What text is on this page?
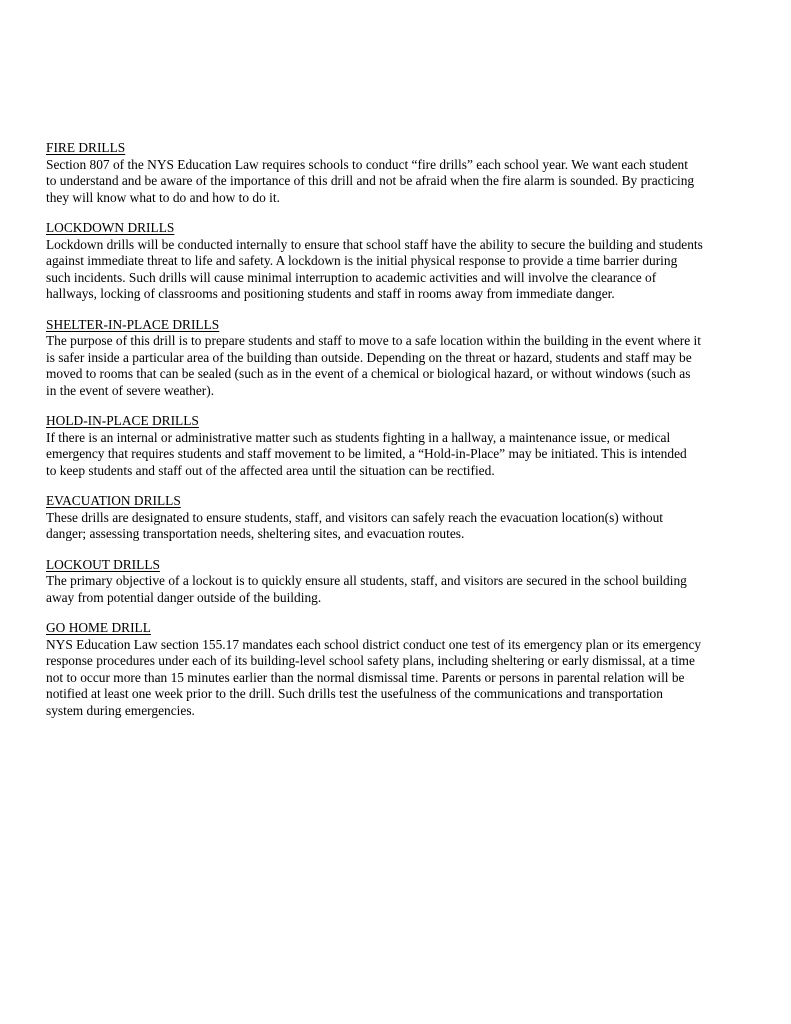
FIRE DRILLS

Section 807 of the NYS Education Law requires schools to conduct “fire drills” each school year. We want each student
to understand and be aware of the importance of this drill and not be afraid when the fire alarm is sounded. By practicing
they will know what to do and how to do it.

LOCKDOWN DRILLS

Lockdown drills will be conducted internally to ensure that school staff have the ability to secure the building and students
against immediate threat to life and safety. A lockdown is the initial physical response to provide a time barrier during
such incidents. Such drills will cause minimal interruption to academic activities and will involve the clearance of
hallways, locking of classrooms and positioning students and staff in rooms away from immediate danger.

SHELTER-IN-PLACE DRILLS

The purpose of this drill is to prepare students and staff to move to a safe location within the building in the event where it
is safer inside a particular area of the building than outside. Depending on the threat or hazard, students and staff may be
moved to rooms that can be sealed (such as in the event of a chemical or biological hazard, or without windows (such as
in the event of severe weather).

HOLD-IN-PLACE DRILLS

If there is an internal or administrative matter such as students fighting in a hallway, a maintenance issue, or medical
emergency that requires students and staff movement to be limited, a “Hold-in-Place” may be initiated. This is intended
to keep students and staff out of the affected area until the situation can be rectified.

EVACUATION DRILLS

These drills are designated to ensure students, staff, and visitors can safely reach the evacuation location(s) without
danger; assessing transportation needs, sheltering sites, and evacuation routes.

LOCKOUT DRILLS

The primary objective of a lockout is to quickly ensure all students, staff, and visitors are secured in the school building
away from potential danger outside of the building.

GO HOME DRILL

NYS Education Law section 155.17 mandates each school district conduct one test of its emergency plan or its emergency
response procedures under each of its building-level school safety plans, including sheltering or early dismissal, at a time
not to occur more than 15 minutes earlier than the normal dismissal time. Parents or persons in parental relation will be
notified at least one week prior to the drill. Such drills test the usefulness of the communications and transportation
system during emergencies.
